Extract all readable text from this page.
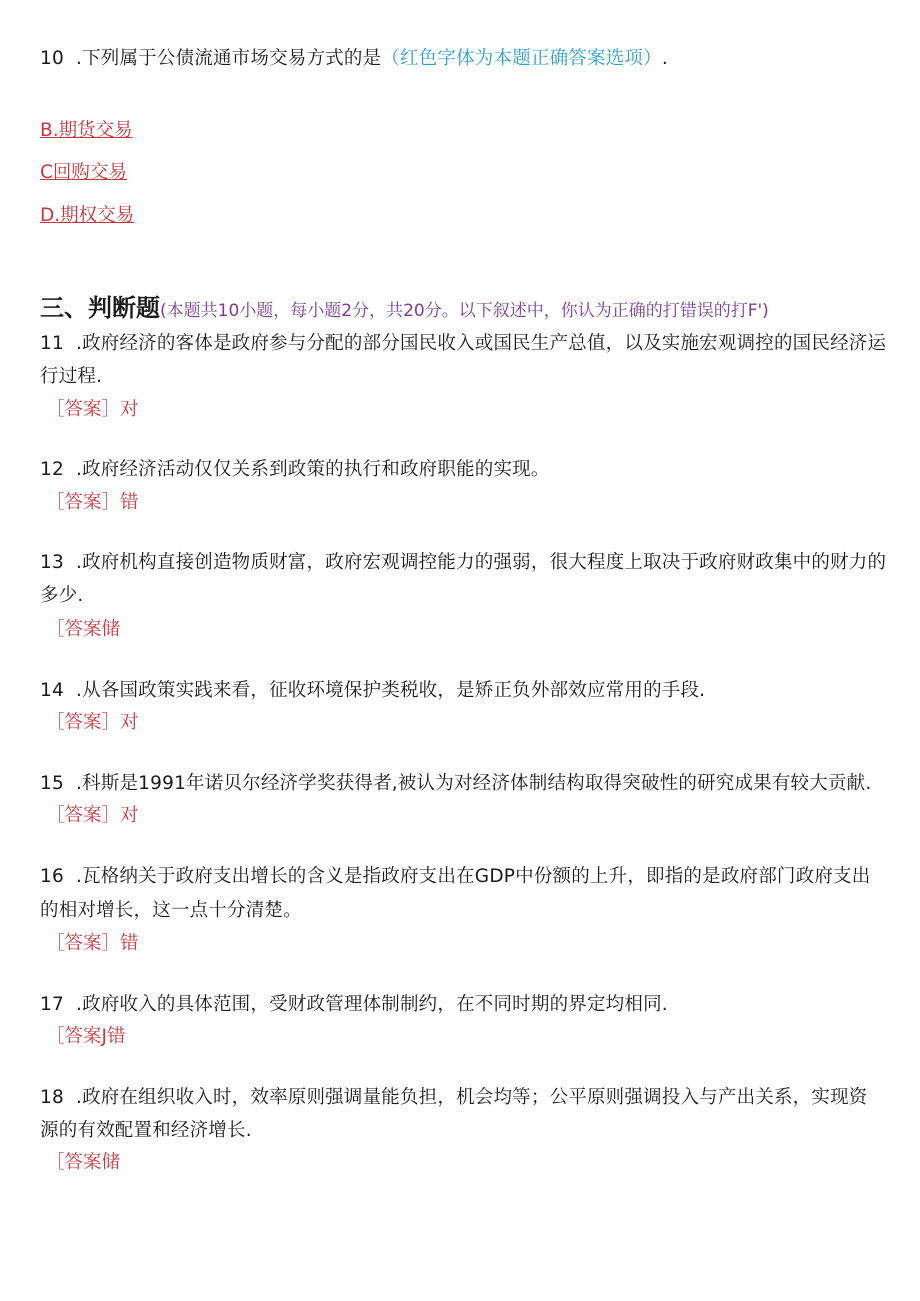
10 .下列属于公债流通市场交易方式的是（红色字体为本题正确答案选项）.
B.期货交易
C回购交易
D.期权交易
三、判断题(本题共10小题，每小题2分，共20分。以下叙述中，你认为正确的打错误的打F')
11 .政府经济的客体是政府参与分配的部分国民收入或国民生产总值，以及实施宏观调控的国民经济运
行过程.
［答案］对
12 .政府经济活动仅仅关系到政策的执行和政府职能的实现。
［答案］错
13 .政府机构直接创造物质财富，政府宏观调控能力的强弱，很大程度上取决于政府财政集中的财力的
多少.
［答案储
14 .从各国政策实践来看，征收环境保护类税收，是矫正负外部效应常用的手段.
［答案］对
15 .科斯是1991年诺贝尔经济学奖获得者,被认为对经济体制结构取得突破性的研究成果有较大贡献.
［答案］对
16 .瓦格纳关于政府支出增长的含义是指政府支出在GDP中份额的上升，即指的是政府部门政府支出
的相对增长，这一点十分清楚。
［答案］错
17 .政府收入的具体范围，受财政管理体制制约，在不同时期的界定均相同.
［答案J错
18 .政府在组织收入时，效率原则强调量能负担，机会均等；公平原则强调投入与产出关系，实现资
源的有效配置和经济增长.
［答案储
